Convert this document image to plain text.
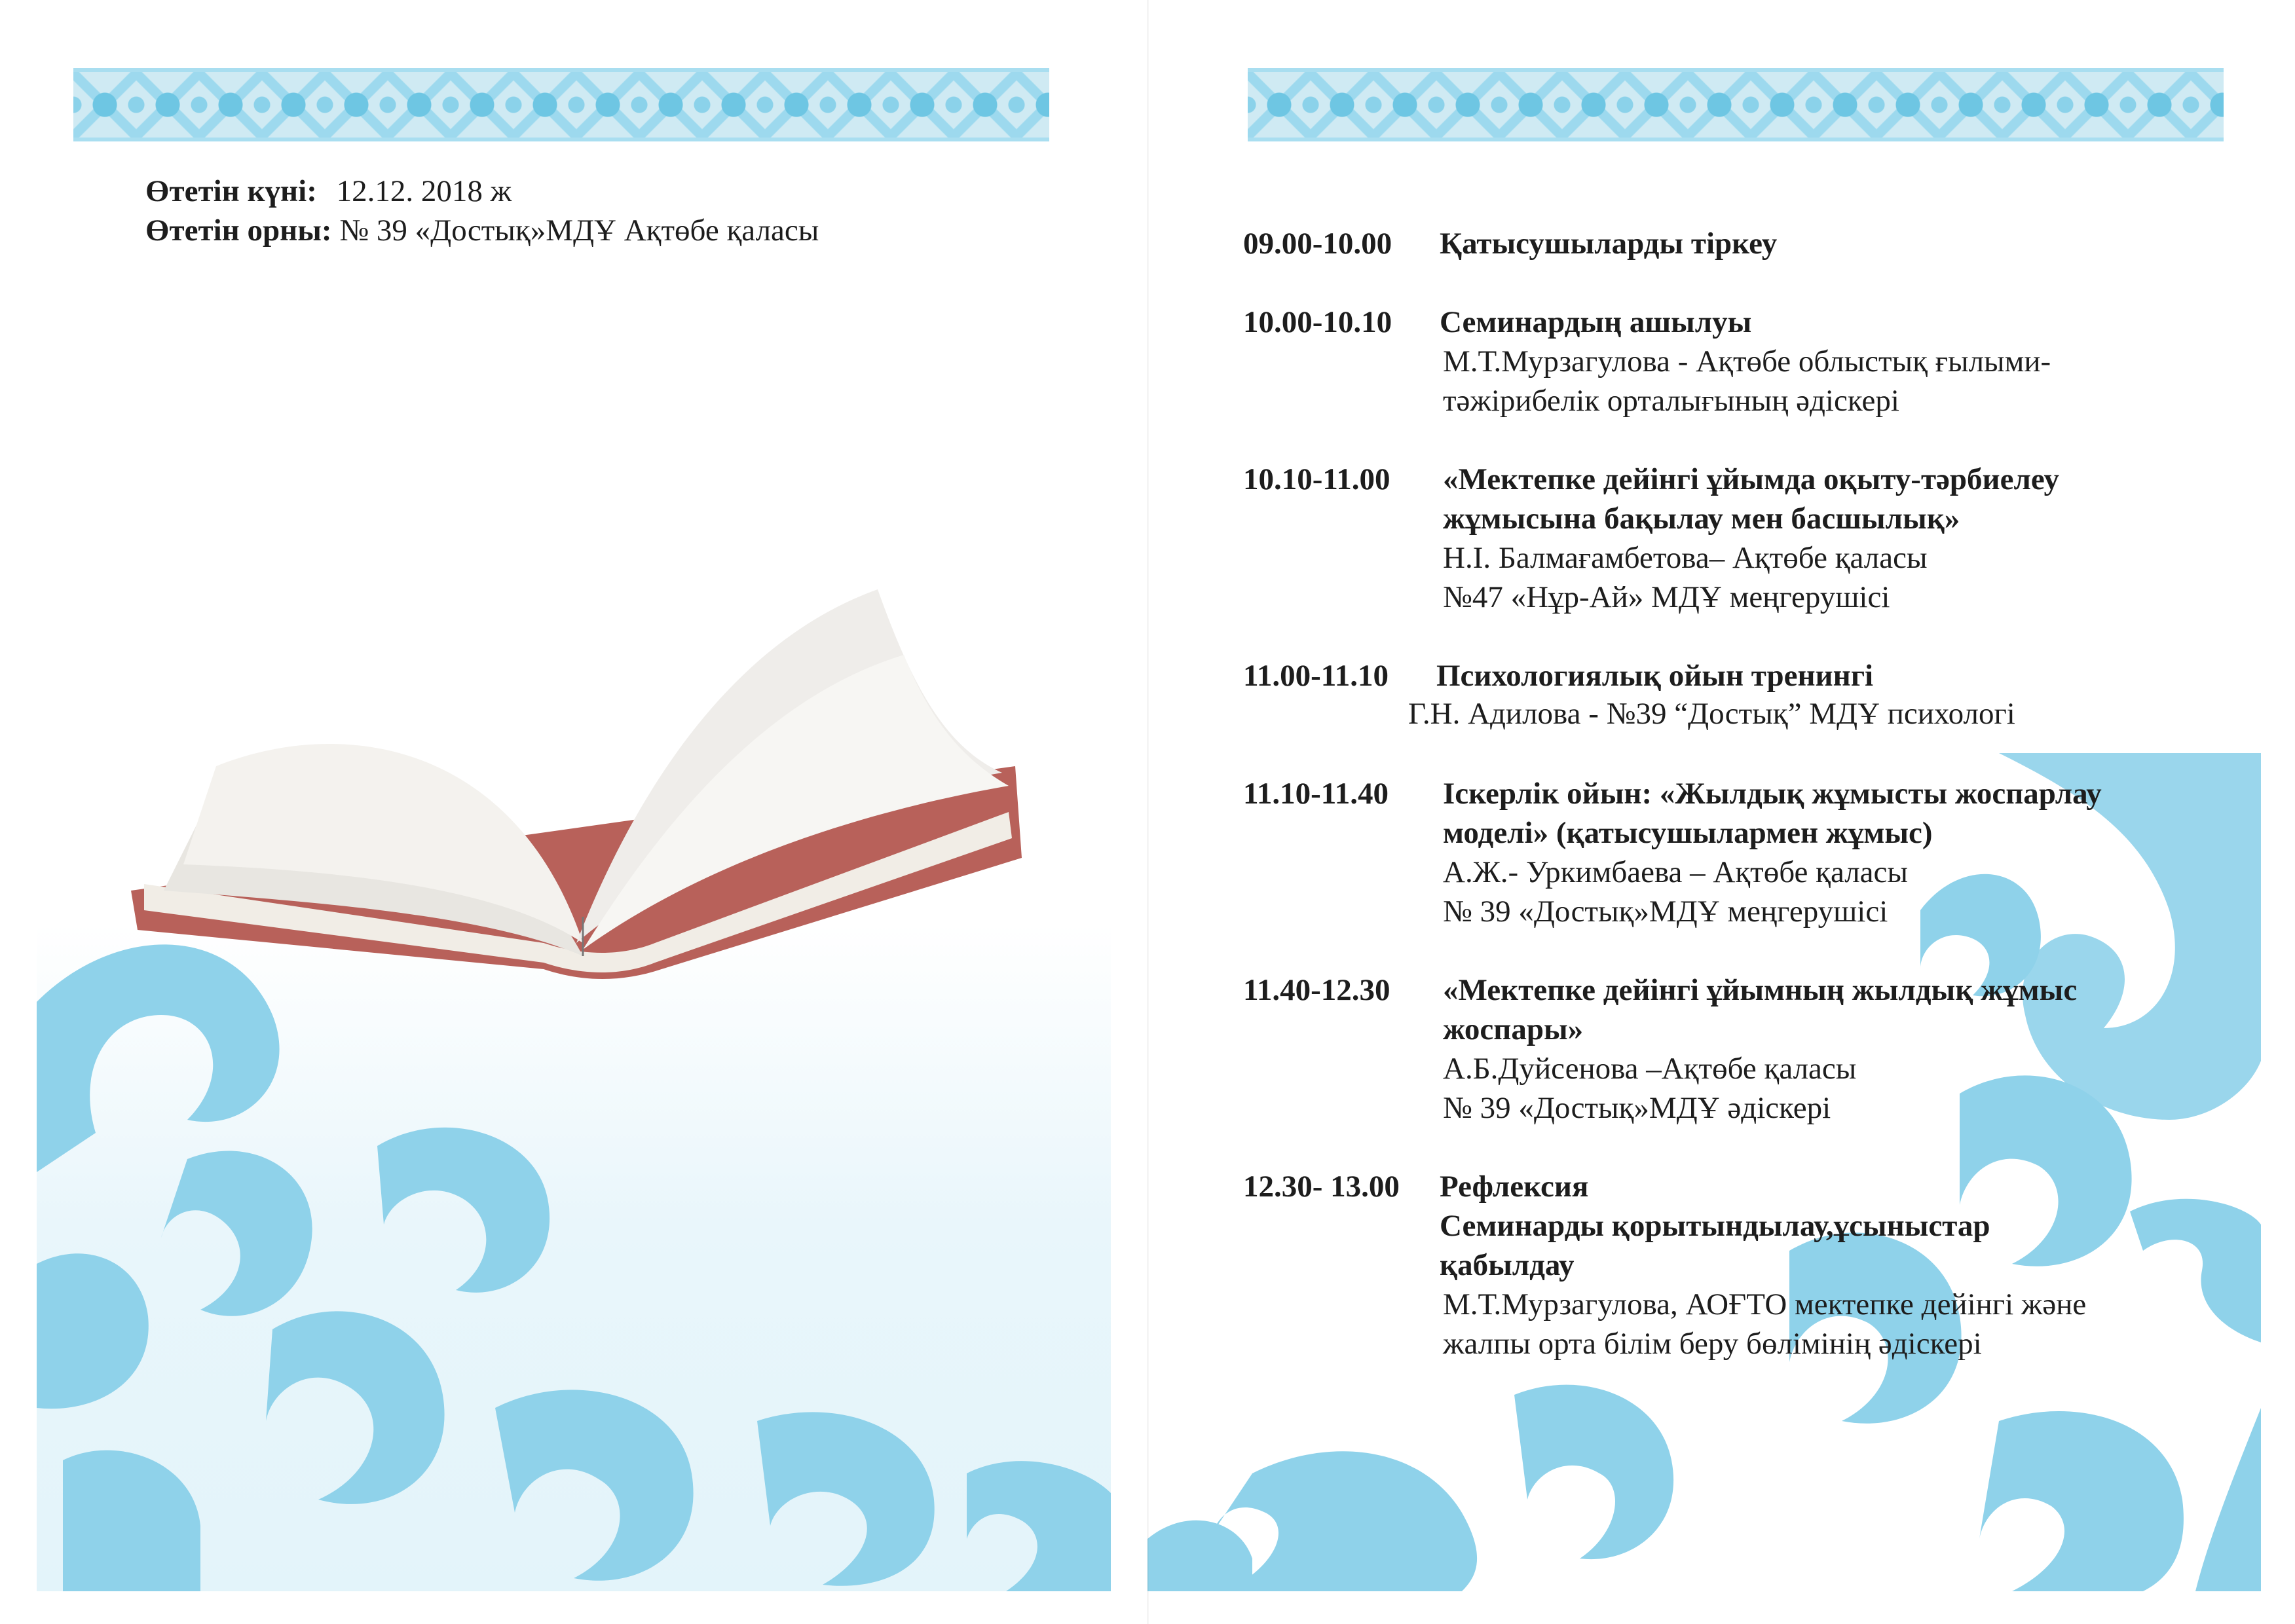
Өтетін күні: 12.12. 2018 ж
Өтетін орны: № 39 «Достық»МДҰ Ақтөбе қаласы	09.00-10.00 Қатысушыларды тіркеу
10.00-10.10 Семинардың ашылуы
М.Т.Мурзагулова - Ақтөбе облыстық ғылыми-
тәжірибелік орталығының әдіскері
10.10-11.00 «Мектепке дейінгі ұйымда оқыту-тәрбиелеу
жұмысына бақылау мен басшылық»
Н.І. Балмағамбетова– Ақтөбе қаласы
№47 «Нұр-Ай» МДҰ меңгерушісі
11.00-11.10 Психологиялық ойын тренингі
Г.Н. Адилова - №39 “Достық” МДҰ психологі
11.10-11.40 Іскерлік ойын: «Жылдық жұмысты жоспарлау
моделі» (қатысушылармен жұмыс)
А.Ж.- Уркимбаева – Ақтөбе қаласы
№ 39 «Достық»МДҰ меңгерушісі
11.40-12.30 «Мектепке дейінгі ұйымның жылдық жұмыс
жоспары»
А.Б.Дуйсенова –Ақтөбе қаласы
№ 39 «Достық»МДҰ әдіскері
12.30- 13.00 Рефлексия
Семинарды қорытындылау,ұсыныстар
қабылдау
М.Т.Мурзагулова, АОҒТО мектепке дейінгі және
жалпы орта білім беру бөлімінің әдіскері
